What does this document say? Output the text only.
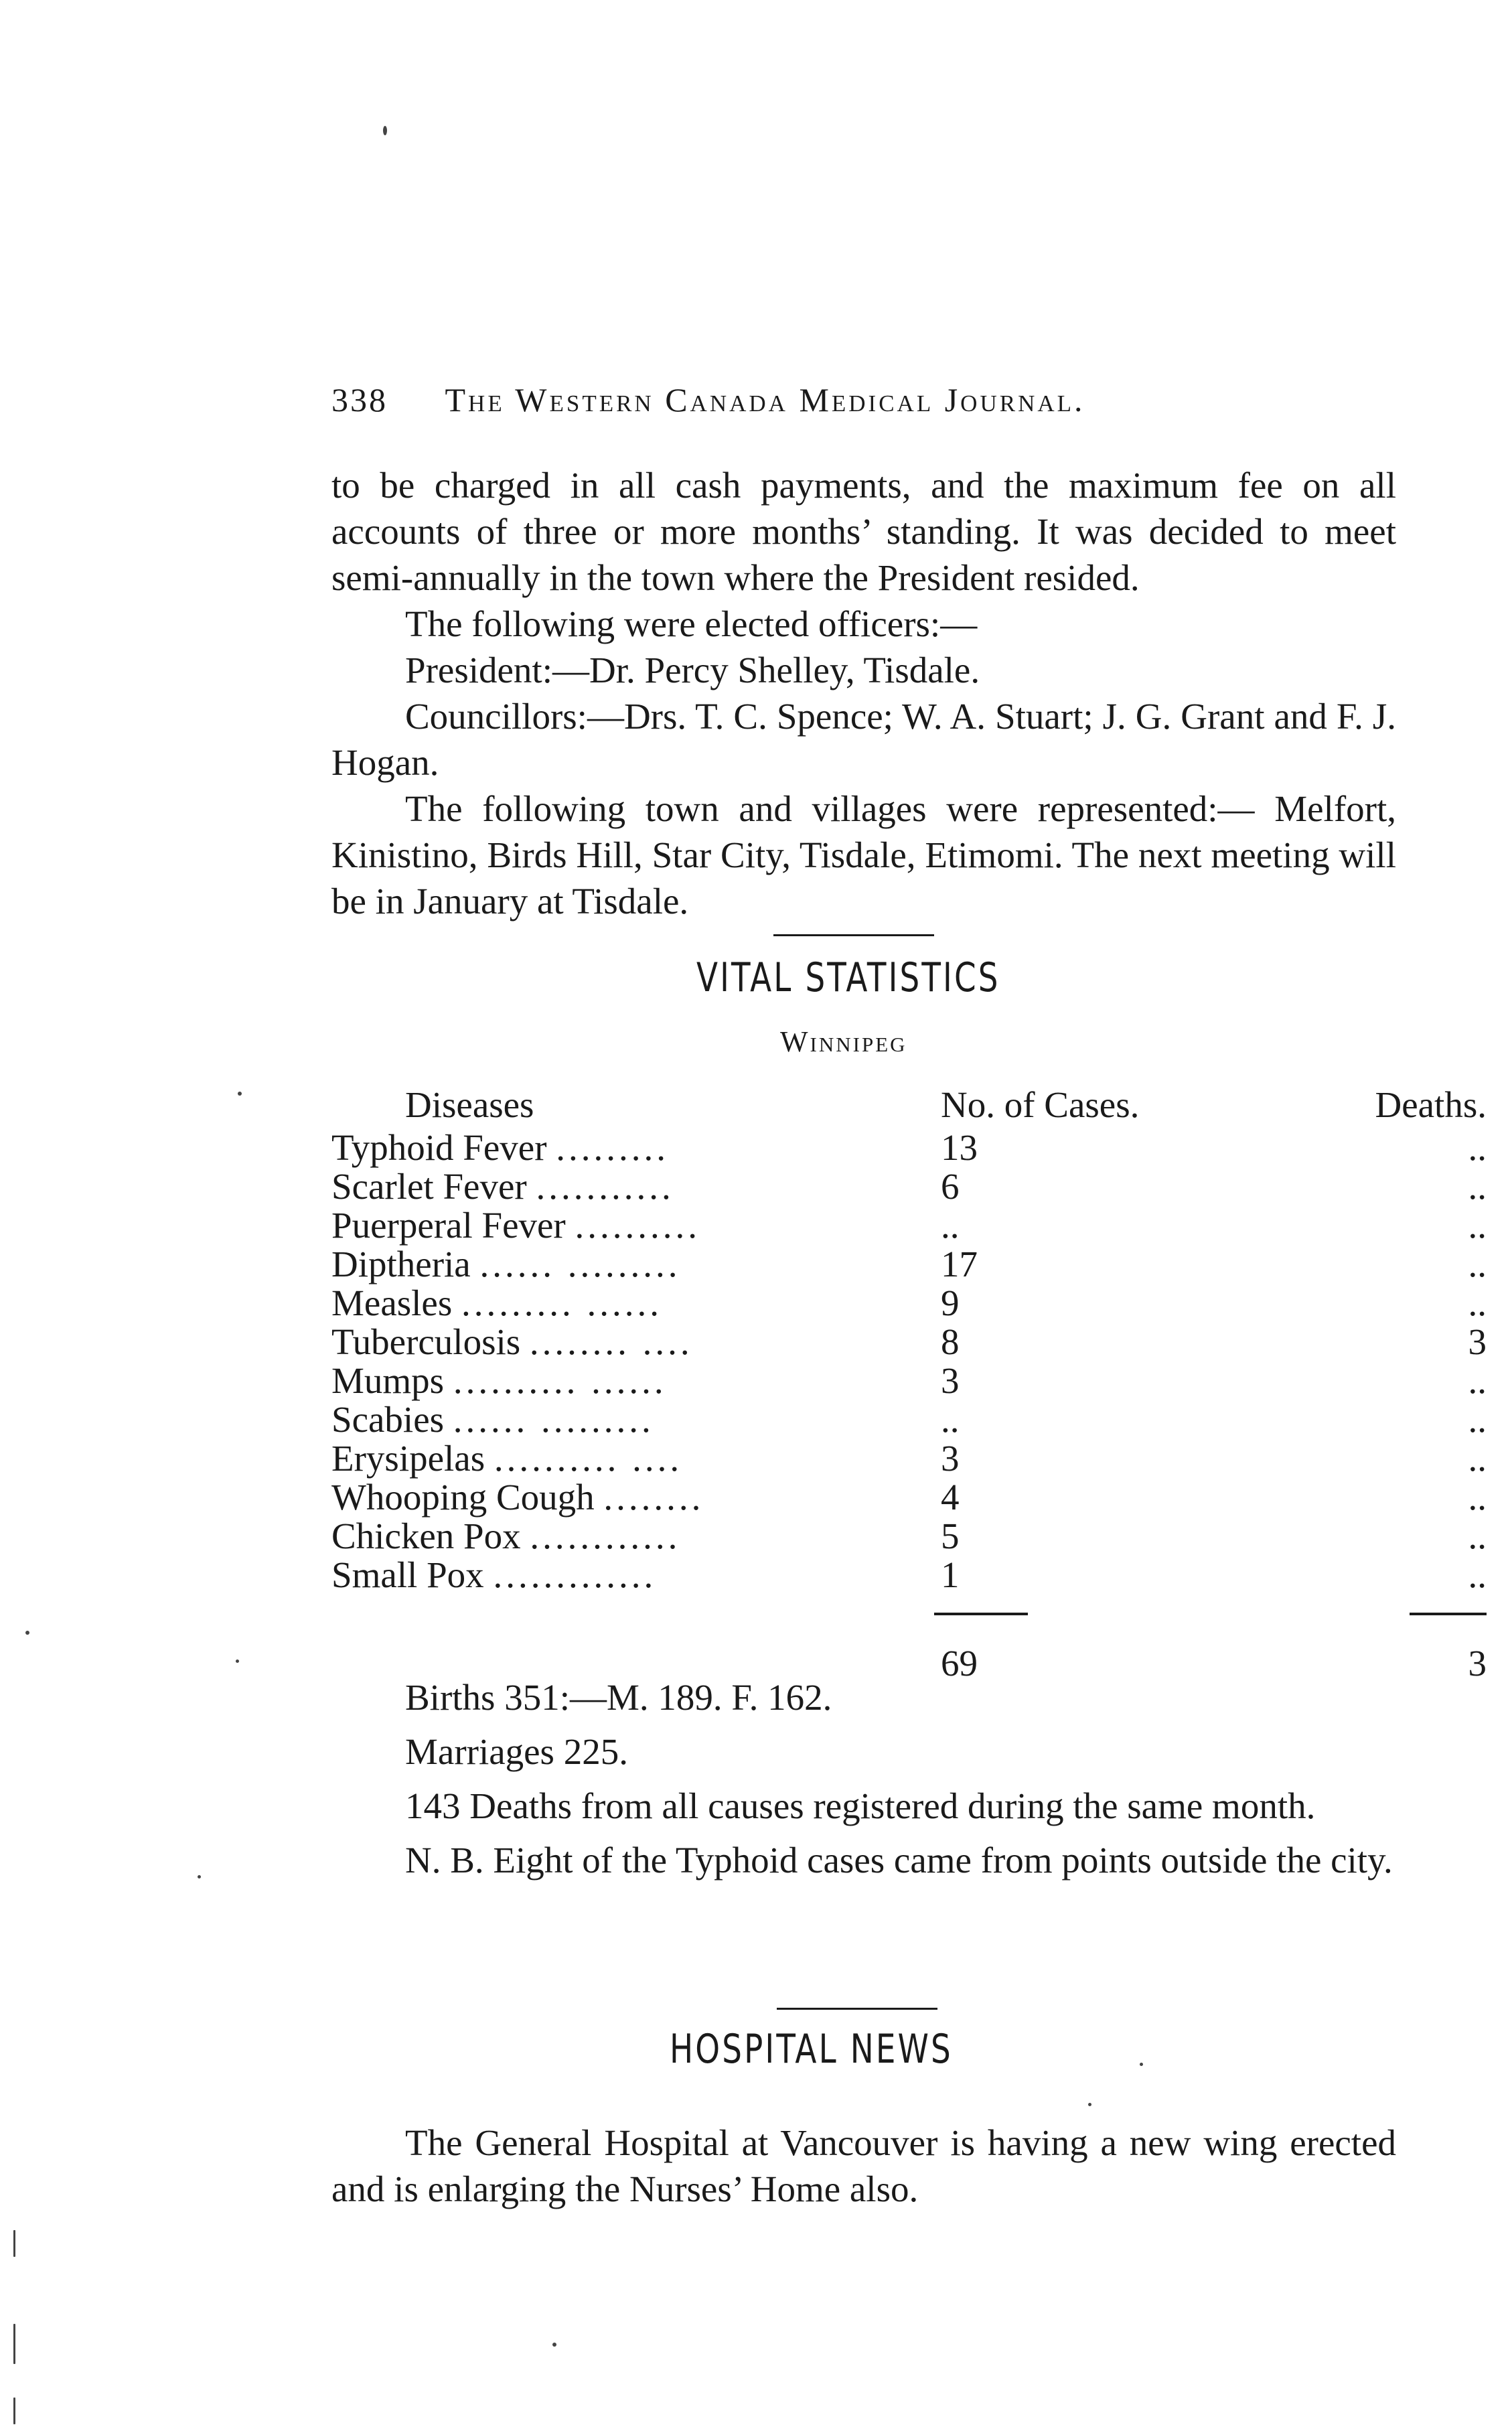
338 The Western Canada Medical Journal.

to be charged in all cash payments, and the maximum fee on all accounts of three or more months’ standing. It was decided to meet semi-annually in the town where the President resided.

The following were elected officers:—

President:—Dr. Percy Shelley, Tisdale.

Councillors:—Drs. T. C. Spence; W. A. Stuart; J. G. Grant and F. J. Hogan.

The following town and villages were represented:— Melfort, Kinistino, Birds Hill, Star City, Tisdale, Etimomi. The next meeting will be in January at Tisdale.

VITAL STATISTICS
Winnipeg
Diseases	No. of Cases.	Deaths.
Typhoid Fever .........	13	..
Scarlet Fever ...........	6	..
Puerperal Fever ..........	..	..
Diptheria ...... .........	17	..
Measles ......... ......	9	..
Tuberculosis ........ ....	8	3
Mumps .......... ......	3	..
Scabies ...... .........	..	..
Erysipelas .......... ....	3	..
Whooping Cough ........	4	..
Chicken Pox ............	5	..
Small Pox .............	1	..

	69	3

Births 351:—M. 189. F. 162.

Marriages 225.

143 Deaths from all causes registered during the same month.

N. B. Eight of the Typhoid cases came from points outside the city.

HOSPITAL NEWS

The General Hospital at Vancouver is having a new wing erected and is enlarging the Nurses’ Home also.
